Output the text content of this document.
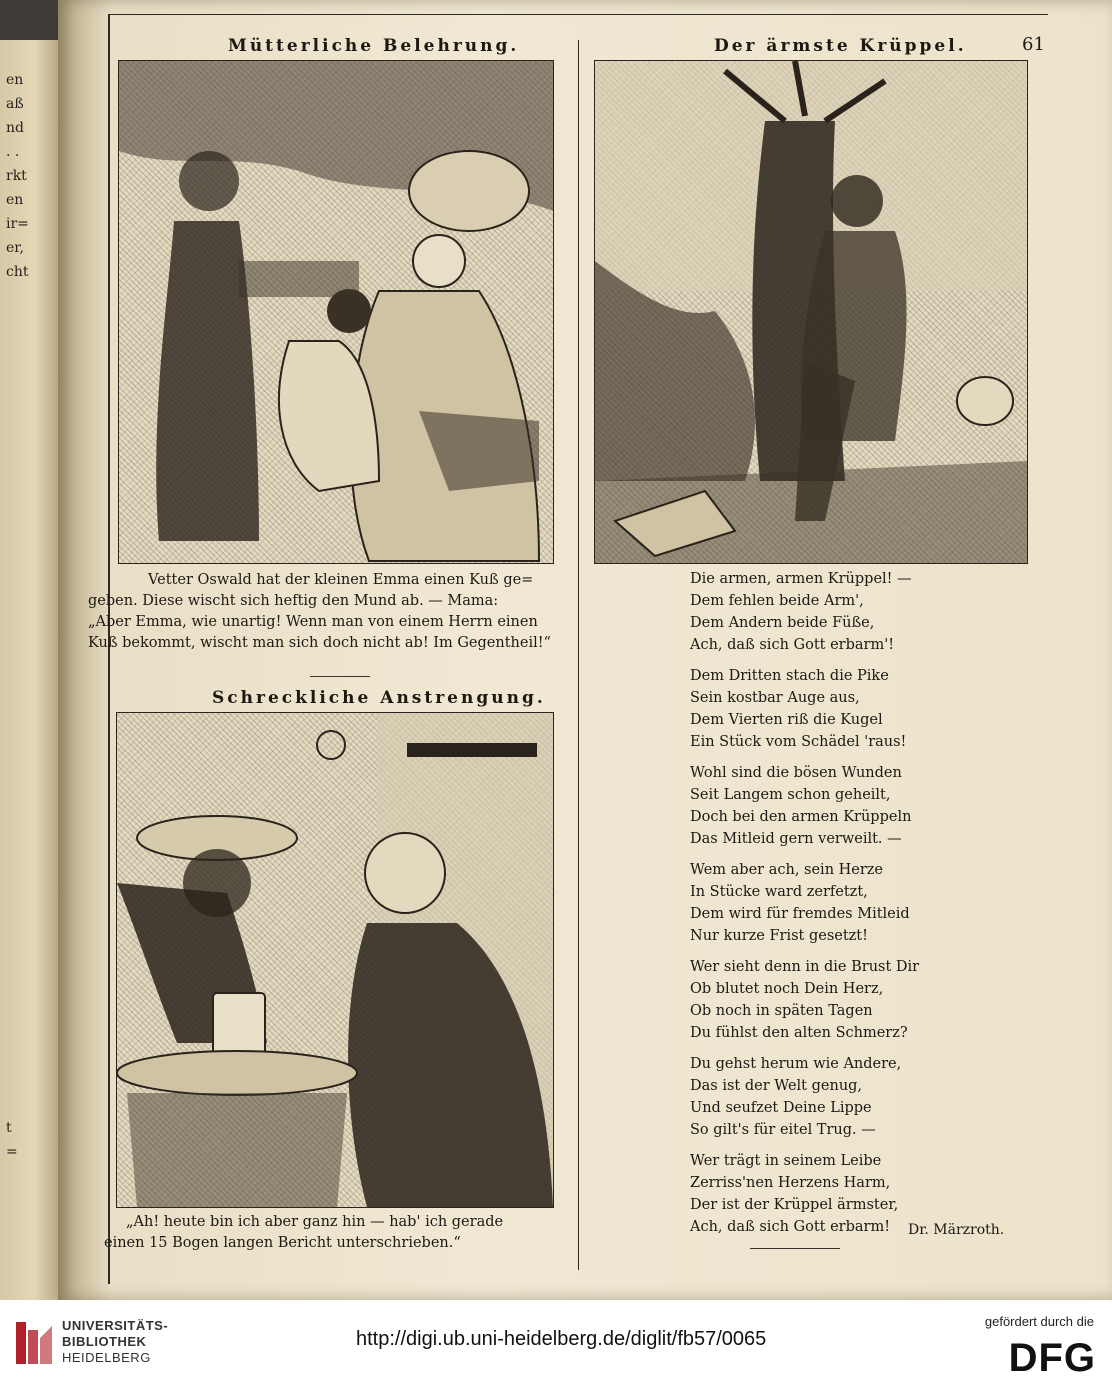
en
aß
nd
. .
rkt
en
ir=
er,
cht
t
=
Mütterliche Belehrung.	Der ärmste Krüppel.	61
Vetter Oswald hat der kleinen Emma einen Kuß ge=
geben. Diese wischt sich heftig den Mund ab. — Mama:
„Aber Emma, wie unartig! Wenn man von einem Herrn einen
Kuß bekommt, wischt man sich doch nicht ab! Im Gegentheil!“
Schreckliche Anstrengung.
„Ah! heute bin ich aber ganz hin — hab' ich gerade
einen 15 Bogen langen Bericht unterschrieben.“
Die armen, armen Krüppel! —
Dem fehlen beide Arm',
Dem Andern beide Füße,
Ach, daß sich Gott erbarm'!
Dem Dritten stach die Pike
Sein kostbar Auge aus,
Dem Vierten riß die Kugel
Ein Stück vom Schädel 'raus!
Wohl sind die bösen Wunden
Seit Langem schon geheilt,
Doch bei den armen Krüppeln
Das Mitleid gern verweilt. —
Wem aber ach, sein Herze
In Stücke ward zerfetzt,
Dem wird für fremdes Mitleid
Nur kurze Frist gesetzt!
Wer sieht denn in die Brust Dir
Ob blutet noch Dein Herz,
Ob noch in späten Tagen
Du fühlst den alten Schmerz?
Du gehst herum wie Andere,
Das ist der Welt genug,
Und seufzet Deine Lippe
So gilt's für eitel Trug. —
Wer trägt in seinem Leibe
Zerriss'nen Herzens Harm,
Der ist der Krüppel ärmster,
Ach, daß sich Gott erbarm!	Dr. Märzroth.
UNIVERSITÄTS-
BIBLIOTHEK
HEIDELBERG
http://digi.ub.uni-heidelberg.de/diglit/fb57/0065
gefördert durch die
DFG
